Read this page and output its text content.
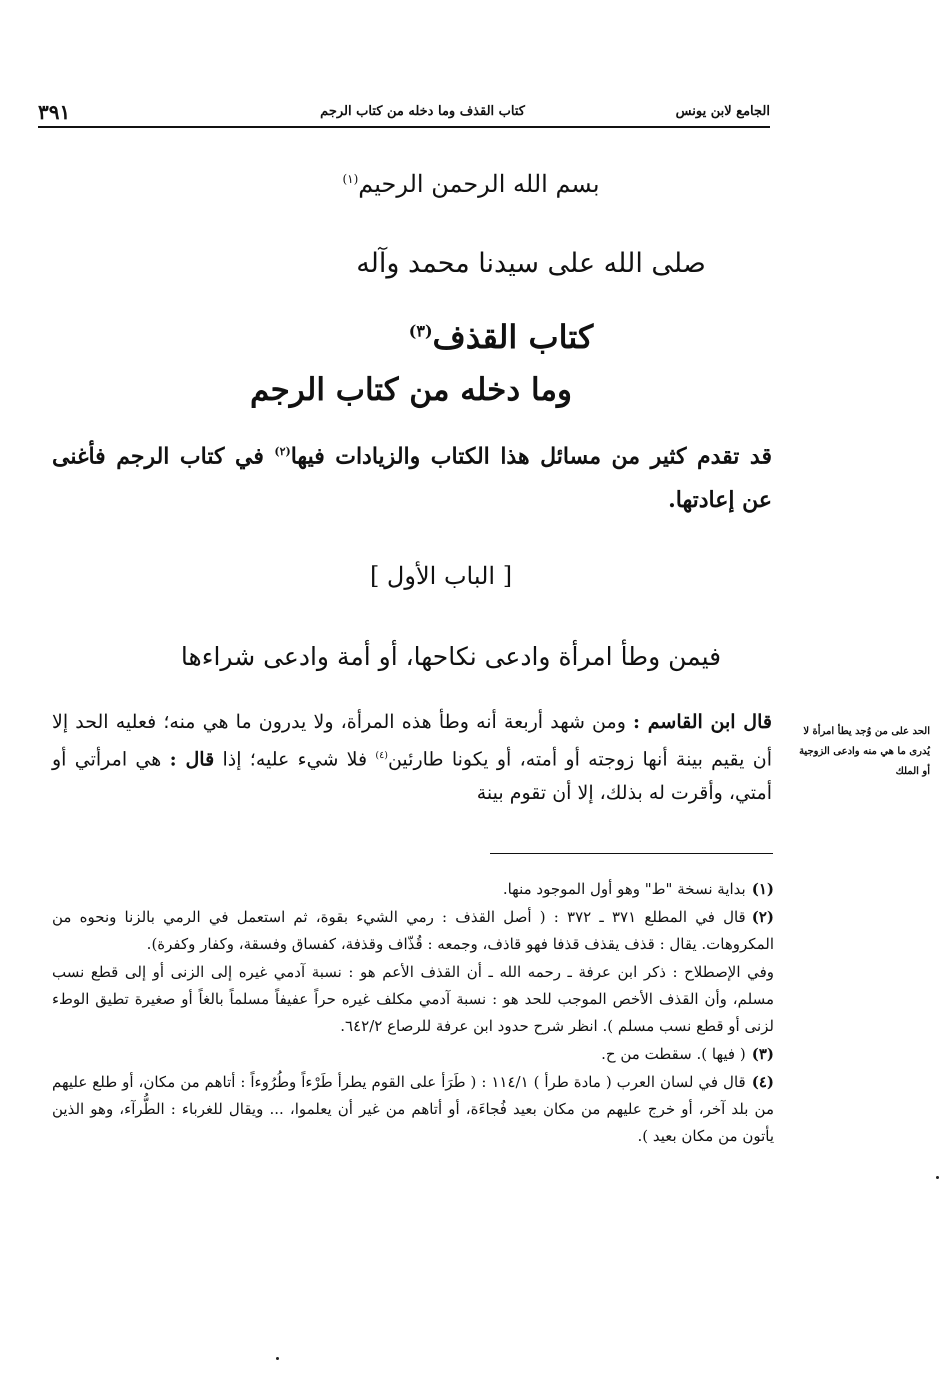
الجامع لابن يونس
كتاب القذف وما دخله من كتاب الرجم
٣٩١
بسم الله الرحمن الرحيم$^{(١)}$
صلى الله على سيدنا محمد وآله
كتاب القذف$^{(٣)}$
وما دخله من كتاب الرجم
قد تقدم كثير من مسائل هذا الكتاب والزيادات فيها$^{(٢)}$ في كتاب الرجم فأغنى عن إعادتها.
[ الباب الأول ]
فيمن وطأ امرأة وادعى نكاحها، أو أمة وادعى شراءها
قال ابن القاسم : ومن شهد أربعة أنه وطأ هذه المرأة، ولا يدرون ما هي منه؛ فعليه الحد إلا أن يقيم بينة أنها زوجته أو أمته، أو يكونا طارئين$^{(٤)}$ فلا شيء عليه؛ إذا قال : هي امرأتي أو أمتي، وأقرت له بذلك، إلا أن تقوم بينة
الحد على من وُجد يطأ امرأة لا يُدرى ما هي منه وادعى الزوجية أو الملك
(١)بداية نسخة "ط" وهو أول الموجود منها.
(٢)قال في المطلع ٣٧١ ـ ٣٧٢ : ( أصل القذف : رمي الشيء بقوة، ثم استعمل في الرمي بالزنا ونحوه من المكروهات. يقال : قذف يقذف قذفا فهو قاذف، وجمعه : قُذّاف وقذفة، كفساق وفسقة، وكفار وكفرة).
وفي الإصطلاح : ذكر ابن عرفة ـ رحمه الله ـ أن القذف الأعم هو : نسبة آدمي غيره إلى الزنى أو إلى قطع نسب مسلم، وأن القذف الأخص الموجب للحد هو : نسبة آدمي مكلف غيره حراً عفيفاً مسلماً بالغاً أو صغيرة تطيق الوطء لزنى أو قطع نسب مسلم ). انظر شرح حدود ابن عرفة للرصاع ٦٤٢/٢.
(٣)( فيها ). سقطت من ح.
(٤)قال في لسان العرب ( مادة طرأ ) ١١٤/١ : ( طَرَأ على القوم يطرأ طَرْءاً وطُرُوءاً : أتاهم من مكان، أو طلع عليهم من بلد آخر، أو خرج عليهم من مكان بعيد فُجاءَة، أو أتاهم من غير أن يعلموا، ... ويقال للغرباء : الطُّرآء، وهو الذين يأتون من مكان بعيد ).
